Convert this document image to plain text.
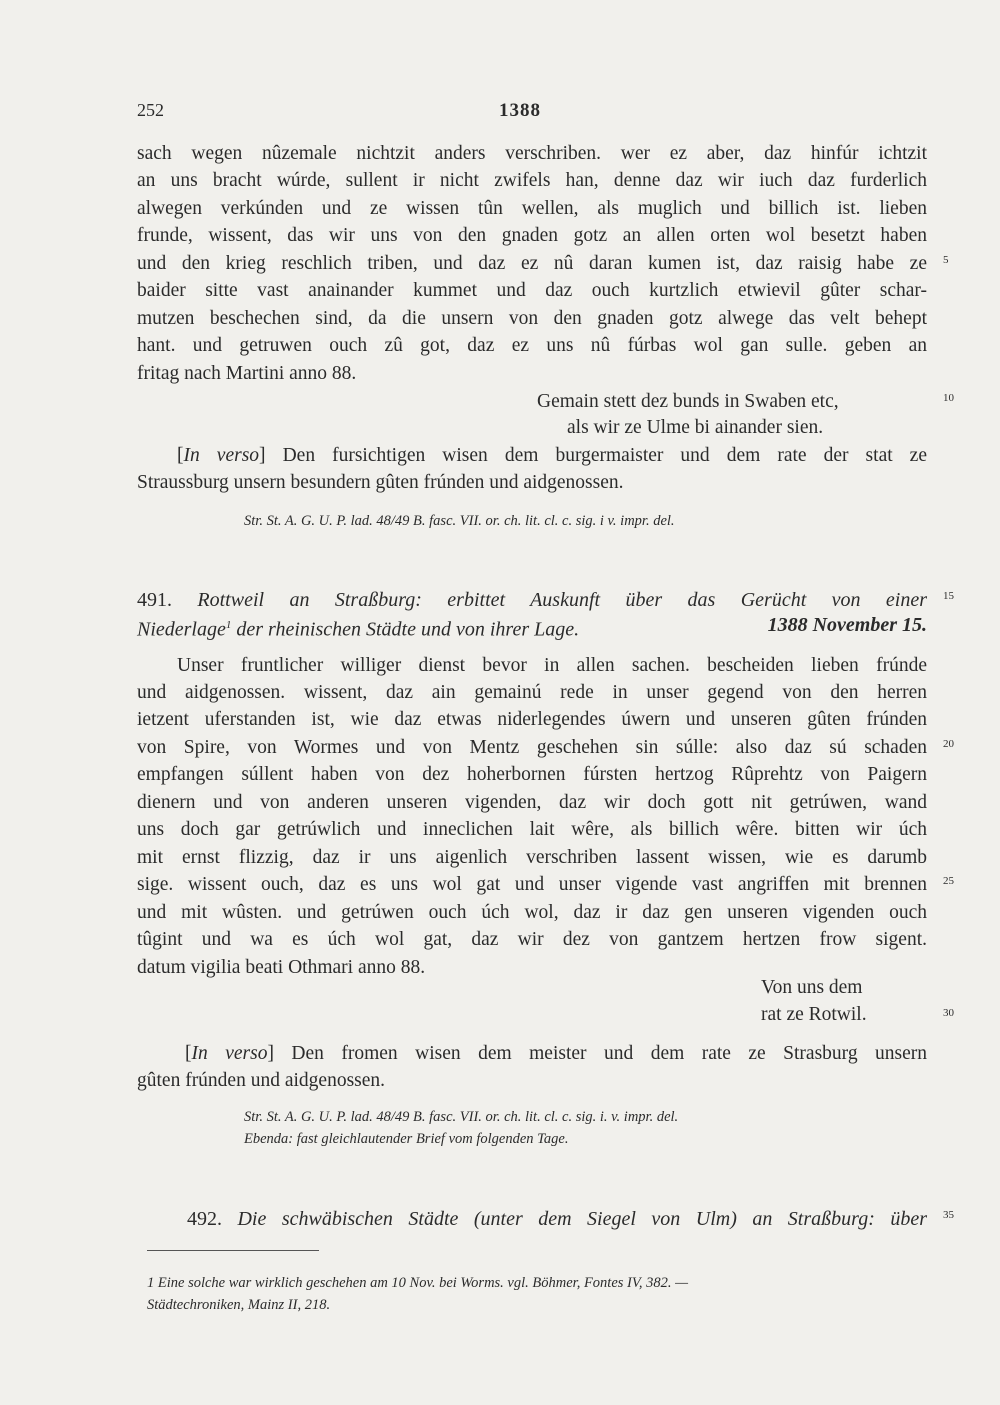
252	1388
sach wegen nûzemale nichtzit anders verschriben. wer ez aber, daz hinfúr ichtzit
an uns bracht wúrde, sullent ir nicht zwifels han, denne daz wir iuch daz furderlich
alwegen verkúnden und ze wissen tûn wellen, als muglich und billich ist. lieben
frunde, wissent, das wir uns von den gnaden gotz an allen orten wol besetzt haben
und den krieg reschlich triben, und daz ez nû daran kumen ist, daz raisig habe ze
baider sitte vast anainander kummet und daz ouch kurtzlich etwievil gûter schar-
mutzen beschechen sind, da die unsern von den gnaden gotz alwege das velt behept
hant. und getruwen ouch zû got, daz ez uns nû fúrbas wol gan sulle. geben an
fritag nach Martini anno 88.
Gemain stett dez bunds in Swaben etc,
als wir ze Ulme bi ainander sien.
[In verso] Den fursichtigen wisen dem burgermaister und dem rate der stat ze
Straussburg unsern besundern gûten frúnden und aidgenossen.
Str. St. A. G. U. P. lad. 48/49 B. fasc. VII. or. ch. lit. cl. c. sig. i v. impr. del.
491. Rottweil an Straßburg: erbittet Auskunft über das Gerücht von einer
Niederlage$^1$ der rheinischen Städte und von ihrer Lage.	1388 November 15.
Unser fruntlicher williger dienst bevor in allen sachen. bescheiden lieben frúnde
und aidgenossen. wissent, daz ain gemainú rede in unser gegend von den herren
ietzent uferstanden ist, wie daz etwas niderlegendes úwern und unseren gûten frúnden
von Spire, von Wormes und von Mentz geschehen sin súlle: also daz sú schaden
empfangen súllent haben von dez hoherbornen fúrsten hertzog Rûprehtz von Paigern
dienern und von anderen unseren vigenden, daz wir doch gott nit getrúwen, wand
uns doch gar getrúwlich und inneclichen lait wêre, als billich wêre. bitten wir úch
mit ernst flizzig, daz ir uns aigenlich verschriben lassent wissen, wie es darumb
sige. wissent ouch, daz es uns wol gat und unser vigende vast angriffen mit brennen
und mit wûsten. und getrúwen ouch úch wol, daz ir daz gen unseren vigenden ouch
tûgint und wa es úch wol gat, daz wir dez von gantzem hertzen frow sigent.
datum vigilia beati Othmari anno 88.
Von uns dem
rat ze Rotwil.
[In verso] Den fromen wisen dem meister und dem rate ze Strasburg unsern
gûten frúnden und aidgenossen.
Str. St. A. G. U. P. lad. 48/49 B. fasc. VII. or. ch. lit. cl. c. sig. i. v. impr. del.
Ebenda: fast gleichlautender Brief vom folgenden Tage.
492. Die schwäbischen Städte (unter dem Siegel von Ulm) an Straßburg: über
5
10
15
20
25
30
35
1 Eine solche war wirklich geschehen am 10 Nov. bei Worms. vgl. Böhmer, Fontes IV, 382. —
Städtechroniken, Mainz II, 218.
